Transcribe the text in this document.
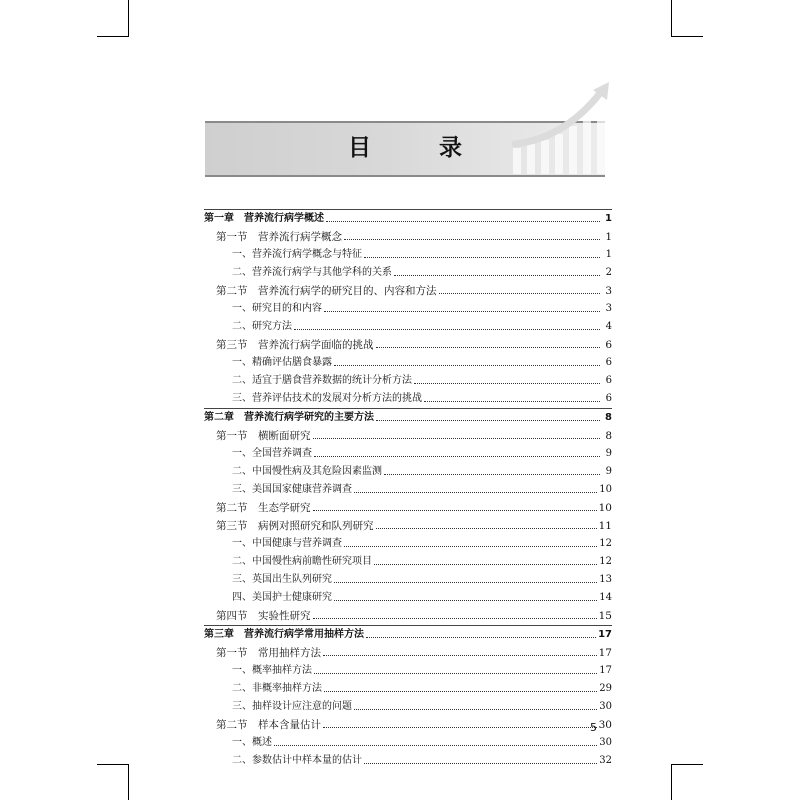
目 录
第一章　营养流行病学概述	1
第一节　营养流行病学概念	1
一、营养流行病学概念与特征	1
二、营养流行病学与其他学科的关系	2
第二节　营养流行病学的研究目的、内容和方法	3
一、研究目的和内容	3
二、研究方法	4
第三节　营养流行病学面临的挑战	6
一、精确评估膳食暴露	6
二、适宜于膳食营养数据的统计分析方法	6
三、营养评估技术的发展对分析方法的挑战	6
第二章　营养流行病学研究的主要方法	8
第一节　横断面研究	8
一、全国营养调查	9
二、中国慢性病及其危险因素监测	9
三、美国国家健康营养调查	10
第二节　生态学研究	10
第三节　病例对照研究和队列研究	11
一、中国健康与营养调查	12
二、中国慢性病前瞻性研究项目	12
三、英国出生队列研究	13
四、美国护士健康研究	14
第四节　实验性研究	15
第三章　营养流行病学常用抽样方法	17
第一节　常用抽样方法	17
一、概率抽样方法	17
二、非概率抽样方法	29
三、抽样设计应注意的问题	30
第二节　样本含量估计	30
一、概述	30
二、参数估计中样本量的估计	32
5
